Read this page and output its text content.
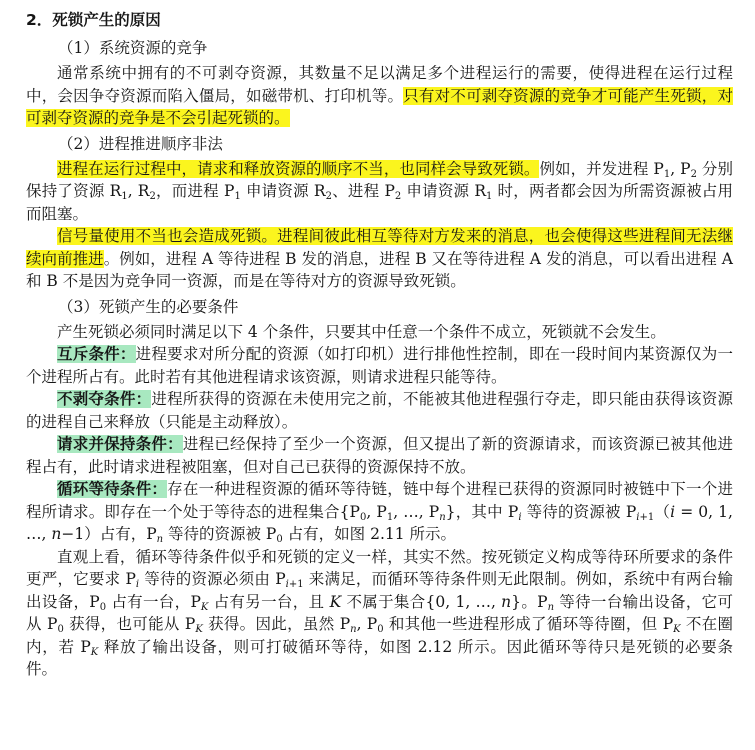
2．死锁产生的原因
（1）系统资源的竞争

通常系统中拥有的不可剥夺资源，其数量不足以满足多个进程运行的需要，使得进程在运行过程中，会因争夺资源而陷入僵局，如磁带机、打印机等。只有对不可剥夺资源的竞争才可能产生死锁，对可剥夺资源的竞争是不会引起死锁的。

（2）进程推进顺序非法

进程在运行过程中，请求和释放资源的顺序不当，也同样会导致死锁。例如，并发进程 $P_1$, $P_2$ 分别保持了资源 $R_1$, $R_2$，而进程 $P_1$ 申请资源 $R_2$、进程 $P_2$ 申请资源 $R_1$ 时，两者都会因为所需资源被占用而阻塞。

信号量使用不当也会造成死锁。进程间彼此相互等待对方发来的消息，也会使得这些进程间无法继续向前推进。例如，进程 A 等待进程 B 发的消息，进程 B 又在等待进程 A 发的消息，可以看出进程 A 和 B 不是因为竞争同一资源，而是在等待对方的资源导致死锁。

（3）死锁产生的必要条件

产生死锁必须同时满足以下 4 个条件，只要其中任意一个条件不成立，死锁就不会发生。

互斥条件：进程要求对所分配的资源（如打印机）进行排他性控制，即在一段时间内某资源仅为一个进程所占有。此时若有其他进程请求该资源，则请求进程只能等待。

不剥夺条件：进程所获得的资源在未使用完之前，不能被其他进程强行夺走，即只能由获得该资源的进程自己来释放（只能是主动释放）。

请求并保持条件：进程已经保持了至少一个资源，但又提出了新的资源请求，而该资源已被其他进程占有，此时请求进程被阻塞，但对自己已获得的资源保持不放。

循环等待条件：存在一种进程资源的循环等待链，链中每个进程已获得的资源同时被链中下一个进程所请求。即存在一个处于等待态的进程集合{$P_0$, $P_1$, …, $P_n$}，其中 $P_i$ 等待的资源被 $P_{i+1}(i = 0$, 1, …, n−1）占有，$P_n$ 等待的资源被 $P_0$ 占有，如图 2.11 所示。

直观上看，循环等待条件似乎和死锁的定义一样，其实不然。按死锁定义构成等待环所要求的条件更严，它要求 $P_i$ 等待的资源必须由 $P_{i+1}$ 来满足，而循环等待条件则无此限制。例如，系统中有两台输出设备，$P_0$ 占有一台，$P_K$ 占有另一台，且 K 不属于集合{0, 1, …, n}。$P_n$ 等待一台输出设备，它可从 $P_0$ 获得，也可能从 $P_K$ 获得。因此，虽然 $P_n$, $P_0$ 和其他一些进程形成了循环等待圈，但 $P_K$ 不在圈内，若 $P_K$ 释放了输出设备，则可打破循环等待，如图 2.12 所示。因此循环等待只是死锁的必要条件。
